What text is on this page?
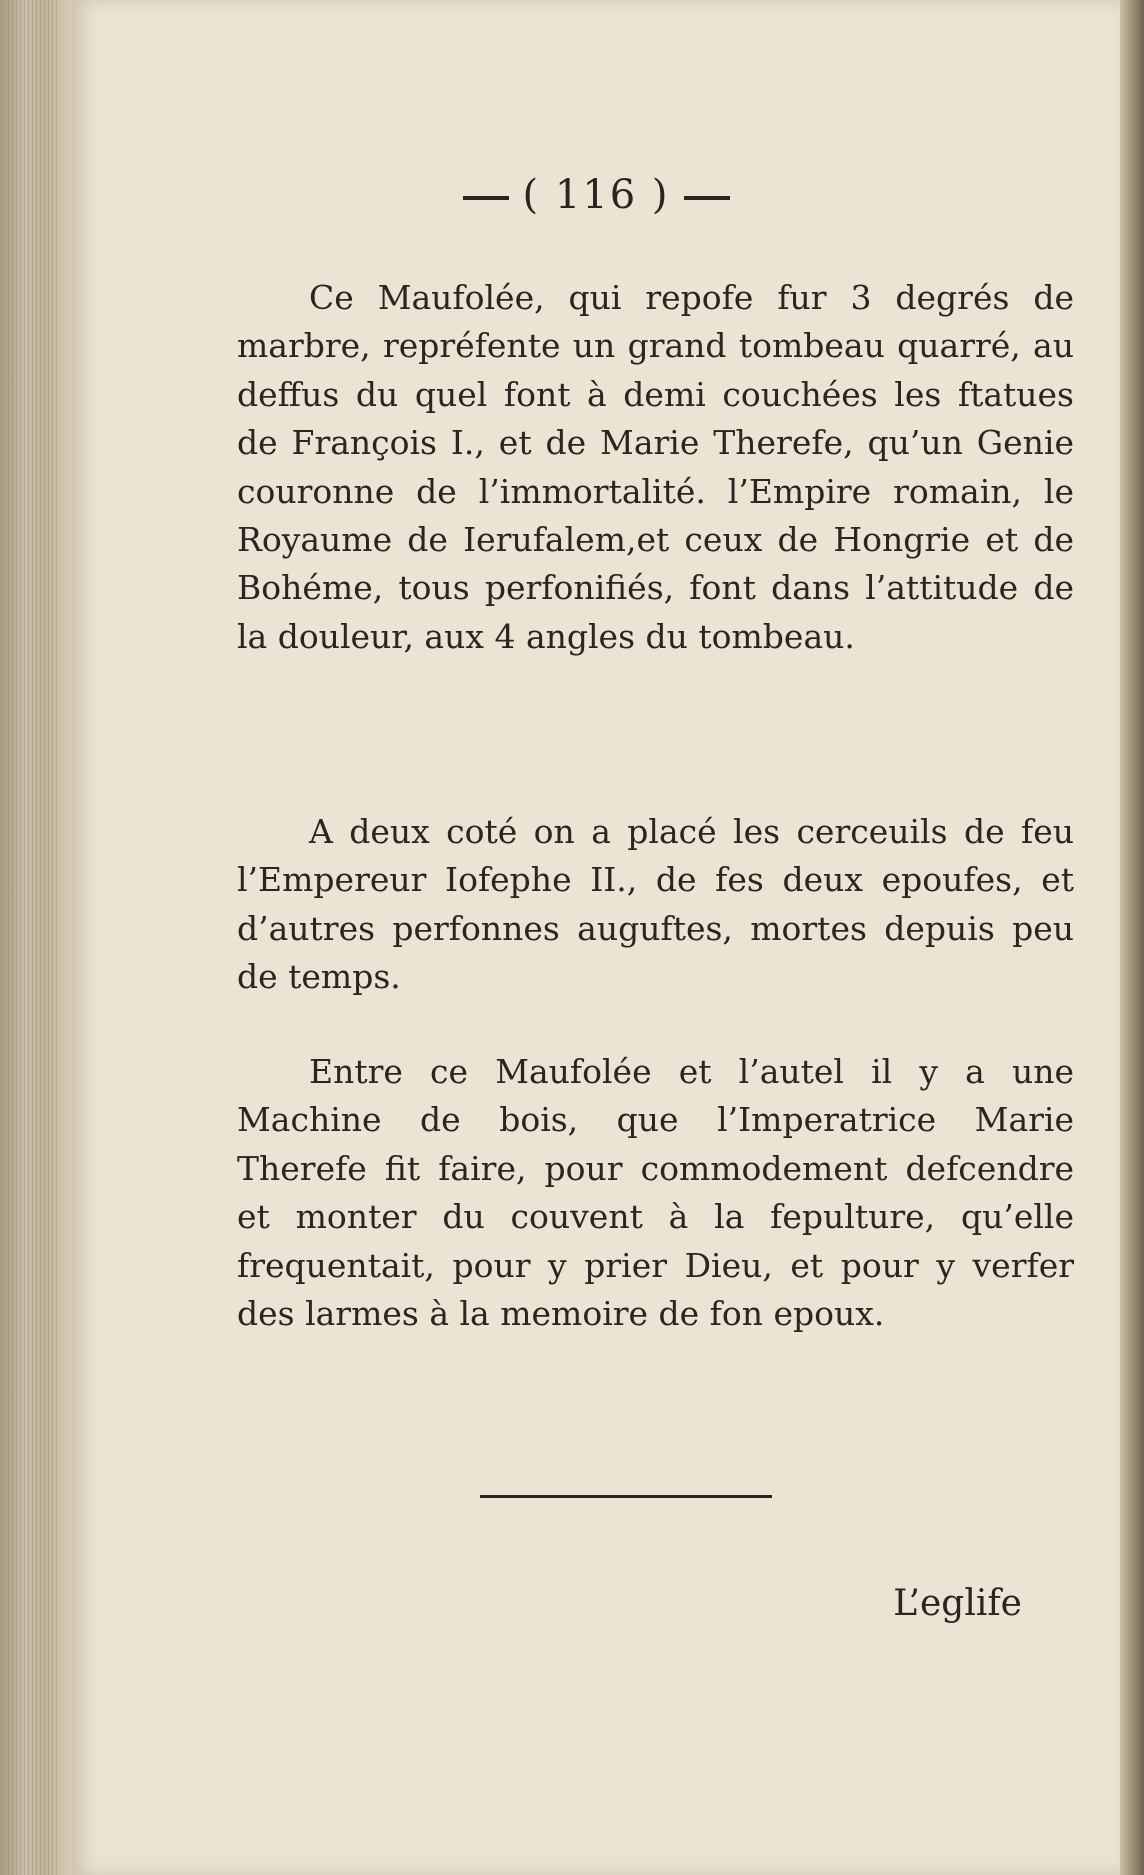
( 116 )
Ce Maufolée, qui repofe fur 3 degrés de marbre, repréfente un grand tombeau quarré, au deffus du quel font à demi couchées les ftatues de François I., et de Marie Therefe, qu’un Genie couronne de l’immortalité. l’Empire romain, le Royaume de Ierufalem,et ceux de Hongrie et de Bohéme, tous perfonifiés, font dans l’attitude de la douleur, aux 4 angles du tombeau.
A deux coté on a placé les cerceuils de feu l’Empereur Iofephe II., de fes deux epoufes, et d’autres perfonnes auguftes, mortes depuis peu de temps.
Entre ce Maufolée et l’autel il y a une Machine de bois, que l’Imperatrice Marie Therefe fit faire, pour commodement defcendre et monter du couvent à la fepulture, qu’elle frequentait, pour y prier Dieu, et pour y verfer des larmes à la memoire de fon epoux.
L’eglife
